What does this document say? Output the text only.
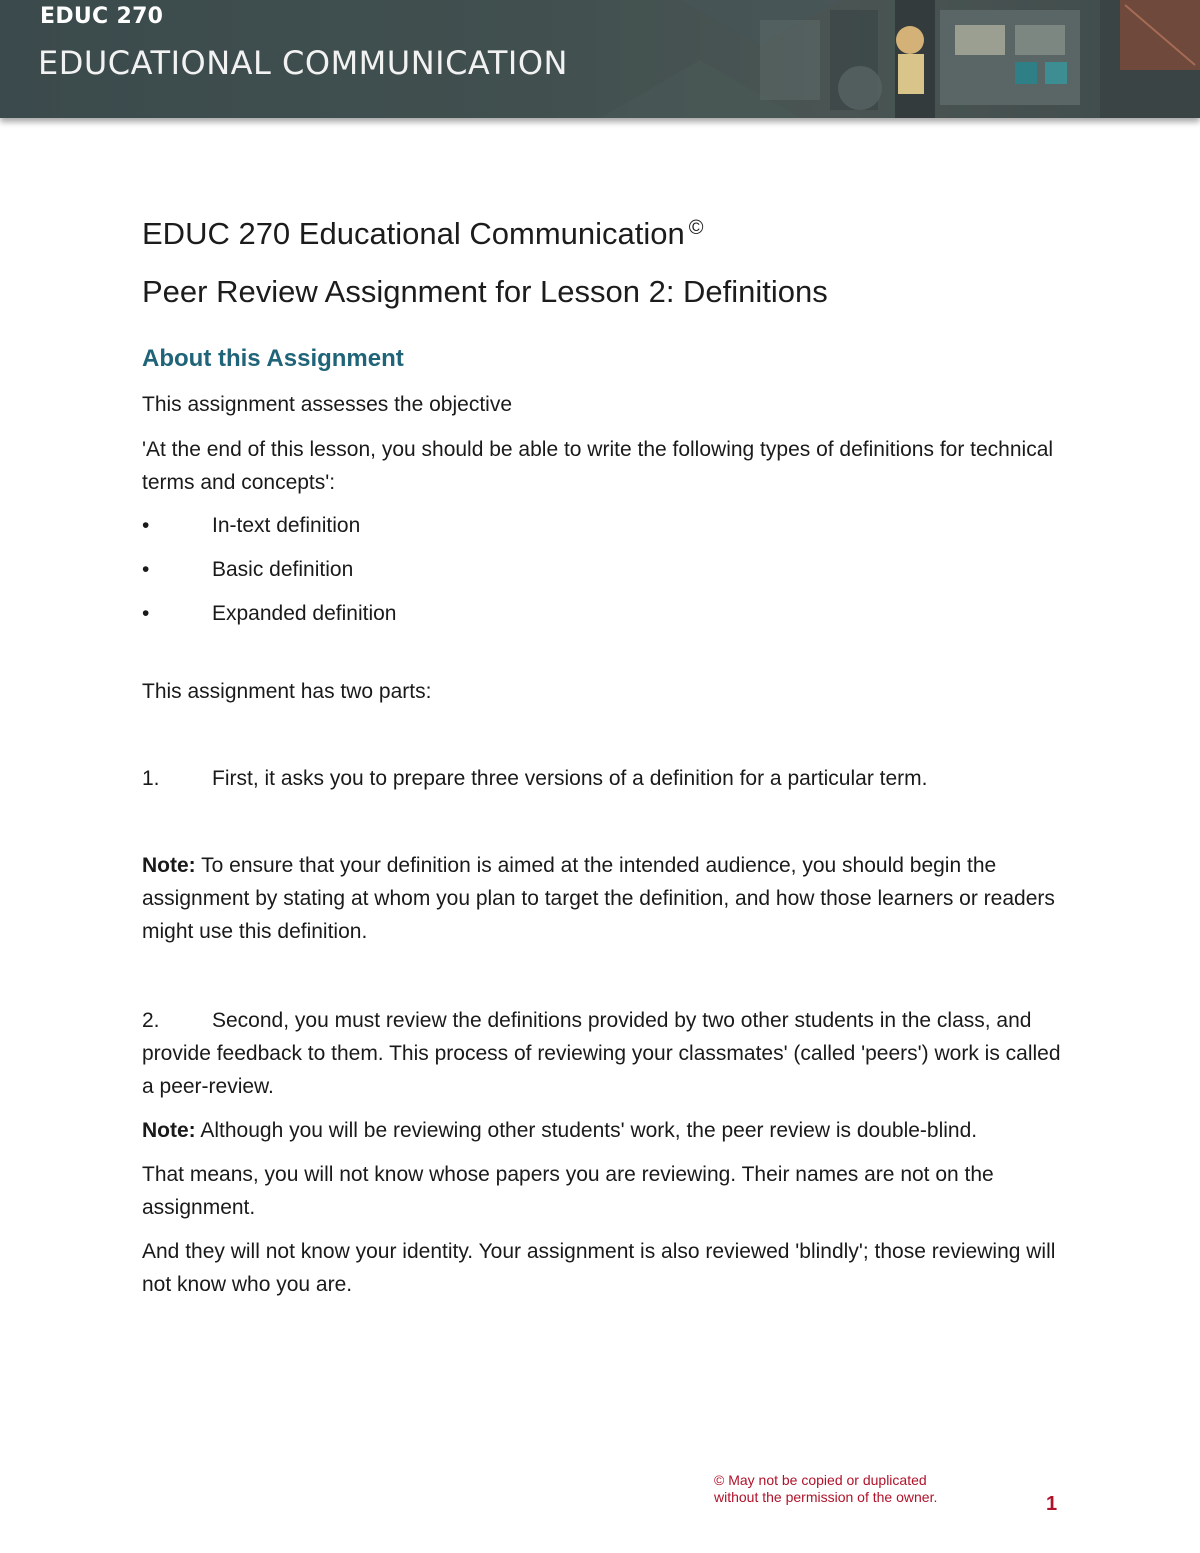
EDUC 270
EDUCATIONAL COMMUNICATION
EDUC 270 Educational Communication ©
Peer Review Assignment for Lesson 2: Definitions
About this Assignment

This assignment assesses the objective

'At the end of this lesson, you should be able to write the following types of definitions for technical terms and concepts':

•	In-text definition
•	Basic definition
•	Expanded definition

This assignment has two parts:

1. First, it asks you to prepare three versions of a definition for a particular term.

Note: To ensure that your definition is aimed at the intended audience, you should begin the assignment by stating at whom you plan to target the definition, and how those learners or readers might use this definition.

2. Second, you must review the definitions provided by two other students in the class, and provide feedback to them. This process of reviewing your classmates' (called 'peers') work is called a peer-review.

Note: Although you will be reviewing other students' work, the peer review is double-blind.

That means, you will not know whose papers you are reviewing. Their names are not on the assignment.

And they will not know your identity. Your assignment is also reviewed 'blindly'; those reviewing will not know who you are.

© May not be copied or duplicated
without the permission of the owner.	1
